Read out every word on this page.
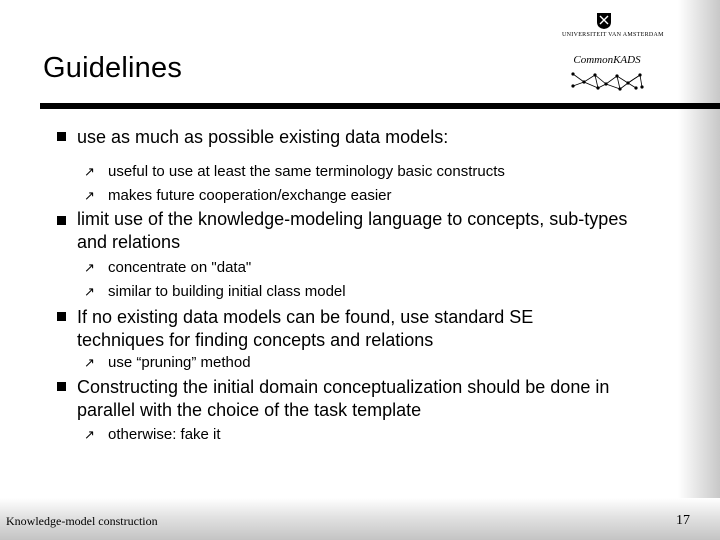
Guidelines
UNIVERSITEIT VAN AMSTERDAM
CommonKADS
use as much as possible existing data models:
↗ useful to use at least the same terminology basic constructs
↗ makes future cooperation/exchange easier
limit use of the knowledge-modeling language to concepts, sub-types and relations
↗ concentrate on "data"
↗ similar to building initial class model
If no existing data models can be found, use standard SE techniques for finding concepts and relations
↗ use “pruning” method
Constructing the initial domain conceptualization should be done in parallel with the choice of the task template
↗ otherwise: fake it
Knowledge-model construction	17
